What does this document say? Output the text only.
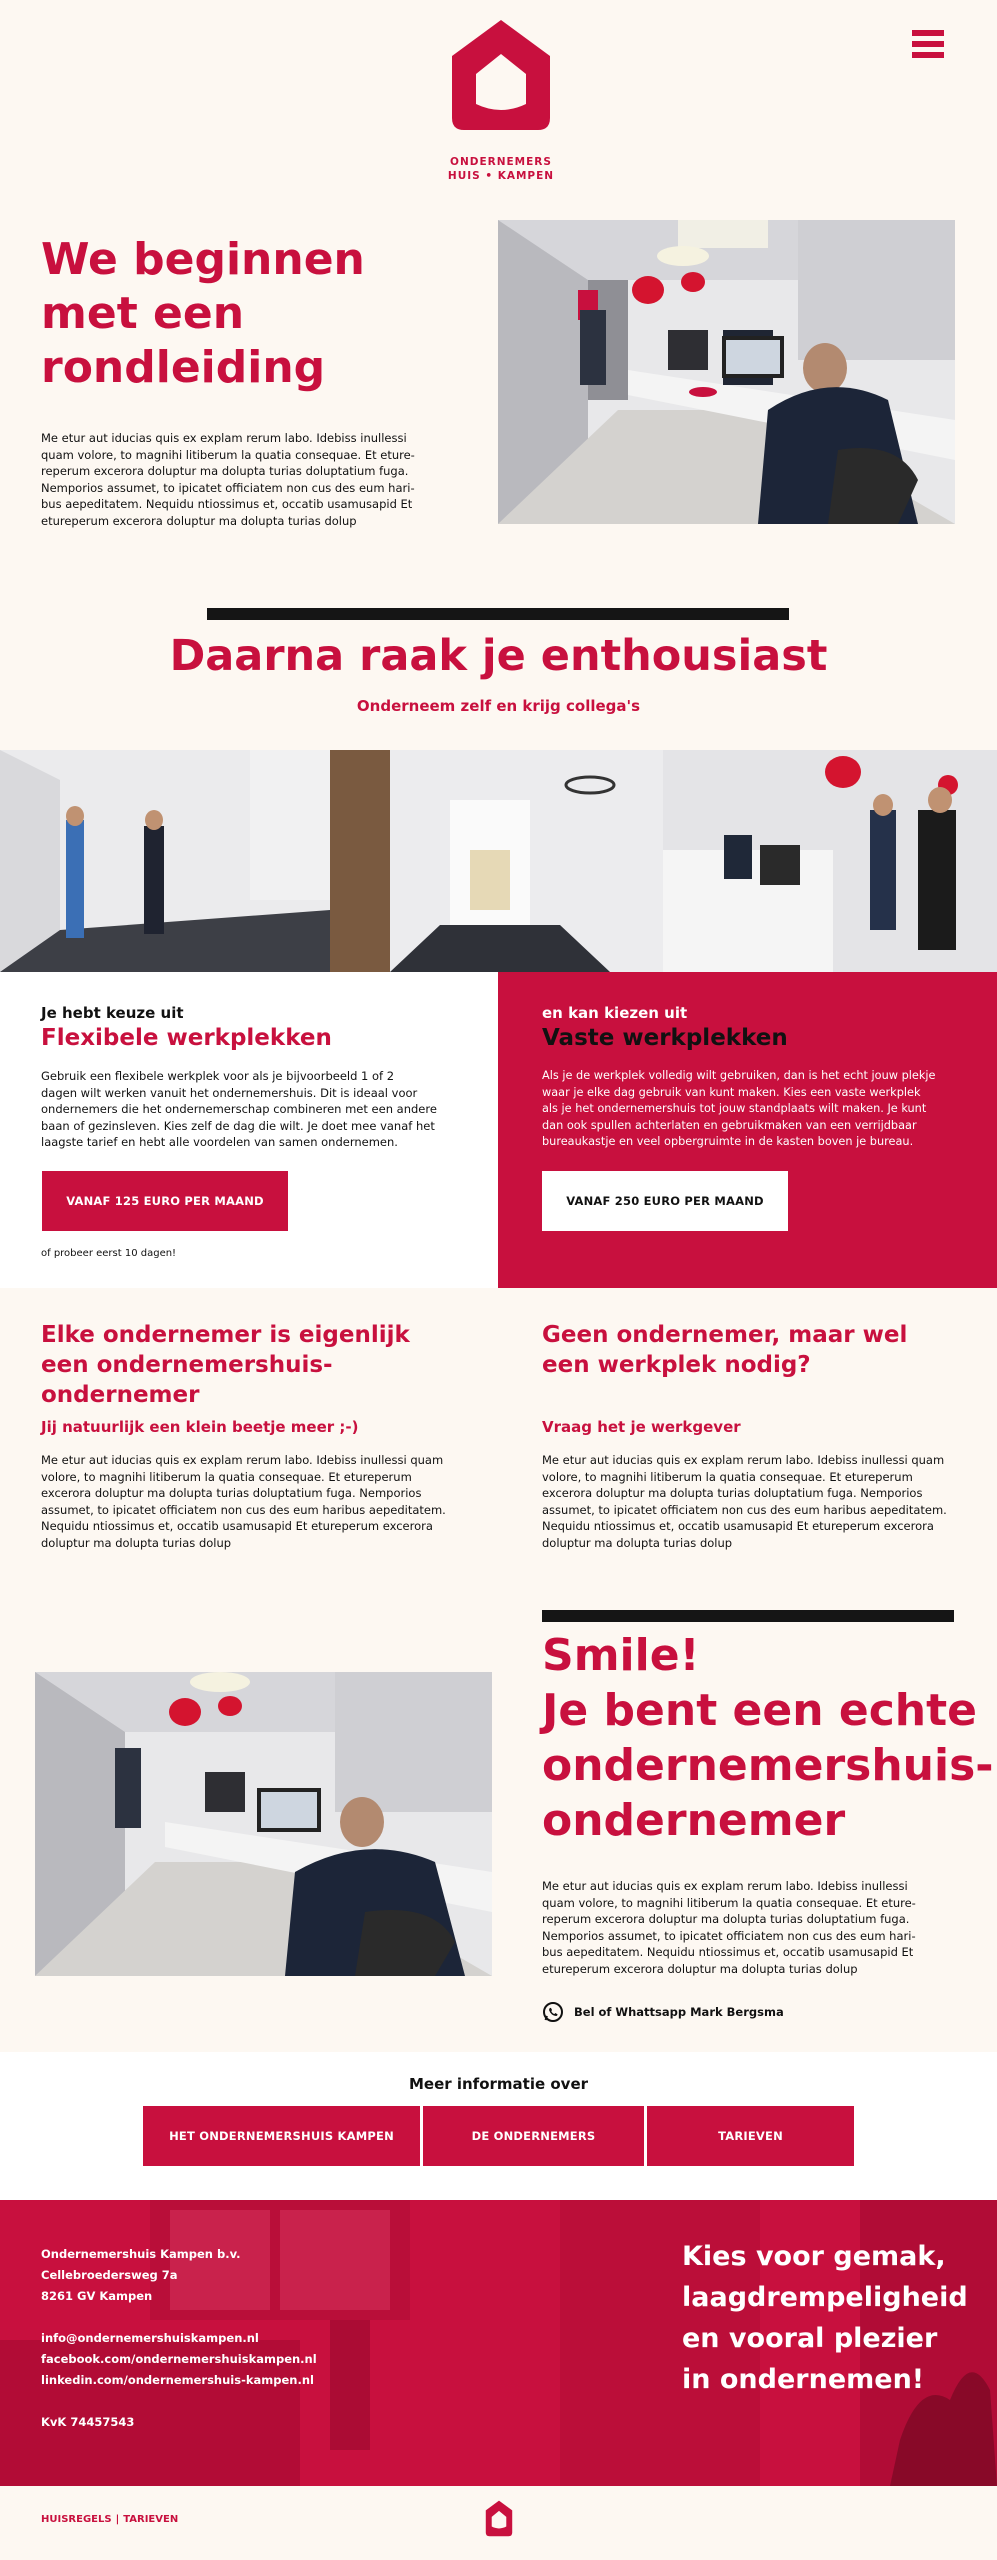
ONDERNEMERS
HUIS • KAMPEN
We beginnen
met een
rondleiding
Me etur aut iducias quis ex explam rerum labo. Idebiss inullessi
quam volore, to magnihi litiberum la quatia consequae. Et eture-
reperum excerora doluptur ma dolupta turias doluptatium fuga.
Nemporios assumet, to ipicatet officiatem non cus des eum hari-
bus aepeditatem. Nequidu ntiossimus et, occatib usamusapid Et
etureperum excerora doluptur ma dolupta turias dolup
Daarna raak je enthousiast
Onderneem zelf en krijg collega's
Je hebt keuze uit
Flexibele werkplekken
Gebruik een flexibele werkplek voor als je bijvoorbeeld 1 of 2
dagen wilt werken vanuit het ondernemershuis. Dit is ideaal voor
ondernemers die het ondernemerschap combineren met een andere
baan of gezinsleven. Kies zelf de dag die wilt. Je doet mee vanaf het
laagste tarief en hebt alle voordelen van samen ondernemen.
VANAF 125 EURO PER MAAND
of probeer eerst 10 dagen!
en kan kiezen uit
Vaste werkplekken
Als je de werkplek volledig wilt gebruiken, dan is het echt jouw plekje
waar je elke dag gebruik van kunt maken. Kies een vaste werkplek
als je het ondernemershuis tot jouw standplaats wilt maken. Je kunt
dan ook spullen achterlaten en gebruikmaken van een verrijdbaar
bureaukastje en veel opbergruimte in de kasten boven je bureau.
VANAF 250 EURO PER MAAND
Elke ondernemer is eigenlijk
een ondernemershuis-
ondernemer
Jij natuurlijk een klein beetje meer ;-)
Me etur aut iducias quis ex explam rerum labo. Idebiss inullessi quam
volore, to magnihi litiberum la quatia consequae. Et etureperum
excerora doluptur ma dolupta turias doluptatium fuga. Nemporios
assumet, to ipicatet officiatem non cus des eum haribus aepeditatem.
Nequidu ntiossimus et, occatib usamusapid Et etureperum excerora
doluptur ma dolupta turias dolup
Geen ondernemer, maar wel
een werkplek nodig?
Vraag het je werkgever
Me etur aut iducias quis ex explam rerum labo. Idebiss inullessi quam
volore, to magnihi litiberum la quatia consequae. Et etureperum
excerora doluptur ma dolupta turias doluptatium fuga. Nemporios
assumet, to ipicatet officiatem non cus des eum haribus aepeditatem.
Nequidu ntiossimus et, occatib usamusapid Et etureperum excerora
doluptur ma dolupta turias dolup
Smile!
Je bent een echte
ondernemershuis-
ondernemer
Me etur aut iducias quis ex explam rerum labo. Idebiss inullessi
quam volore, to magnihi litiberum la quatia consequae. Et eture-
reperum excerora doluptur ma dolupta turias doluptatium fuga.
Nemporios assumet, to ipicatet officiatem non cus des eum hari-
bus aepeditatem. Nequidu ntiossimus et, occatib usamusapid Et
etureperum excerora doluptur ma dolupta turias dolup
Bel of Whattsapp Mark Bergsma
Meer informatie over
HET ONDERNEMERSHUIS KAMPEN	DE ONDERNEMERS	TARIEVEN
Ondernemershuis Kampen b.v.
Cellebroedersweg 7a
8261 GV Kampen
info@ondernemershuiskampen.nl
facebook.com/ondernemershuiskampen.nl
linkedin.com/ondernemershuis-kampen.nl
KvK 74457543
Kies voor gemak,
laagdrempeligheid
en vooral plezier
in ondernemen!
HUISREGELS | TARIEVEN
